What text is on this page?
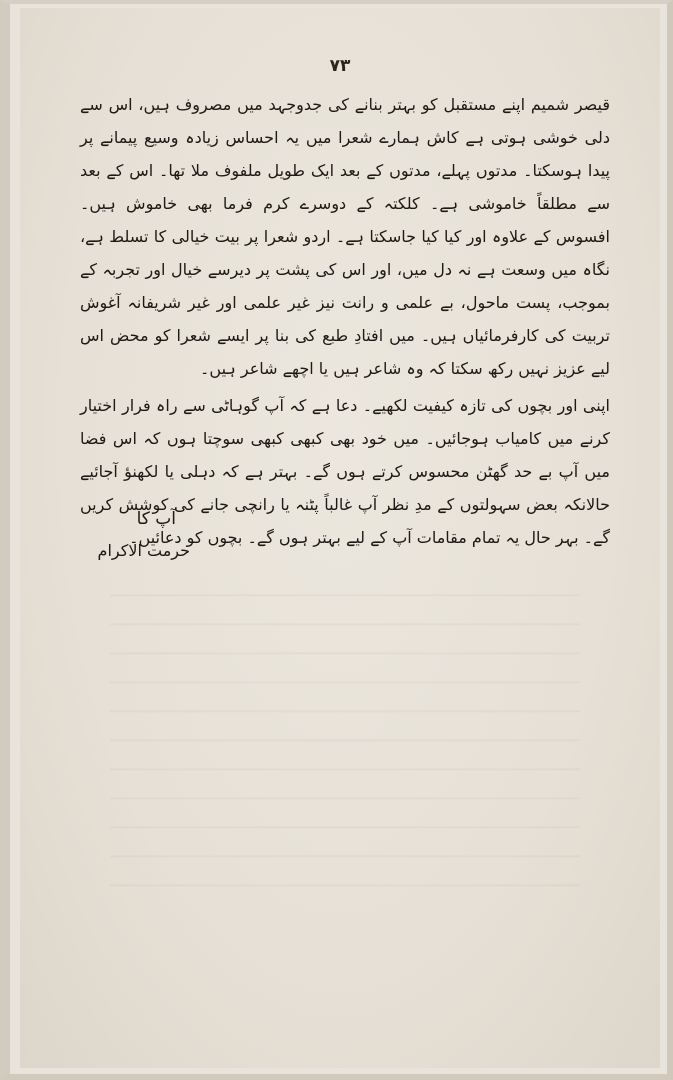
۷۳

قیصر شمیم اپنے مستقبل کو بہتر بنانے کی جدوجہد میں مصروف ہیں، اس سے دلی خوشی ہوتی ہے کاش ہمارے شعرا میں یہ احساس زیادہ وسیع پیمانے پر پیدا ہوسکتا۔ مدتوں پہلے، مدتوں کے بعد ایک طویل ملفوف ملا تھا۔ اس کے بعد سے مطلقاً خاموشی ہے۔ کلکتہ کے دوسرے کرم فرما بھی خاموش ہیں۔ افسوس کے علاوہ اور کیا کیا جاسکتا ہے۔ اردو شعرا پر بیت خیالی کا تسلط ہے، نگاہ میں وسعت ہے نہ دل میں، اور اس کی پشت پر دیرسے خیال اور تجربہ کے بموجب، پست ماحول، بے علمی و رانت نیز غیر علمی اور غیر شریفانہ آغوش تربیت کی کارفرمائیاں ہیں۔ میں افتادِ طبع کی بنا پر ایسے شعرا کو محض اس لیے عزیز نہیں رکھ سکتا کہ وہ شاعر ہیں یا اچھے شاعر ہیں۔

اپنی اور بچوں کی تازہ کیفیت لکھیے۔ دعا ہے کہ آپ گوہاٹی سے راہ فرار اختیار کرنے میں کامیاب ہوجائیں۔ میں خود بھی کبھی کبھی سوچتا ہوں کہ اس فضا میں آپ بے حد گھٹن محسوس کرتے ہوں گے۔ بہتر ہے کہ دہلی یا لکھنؤ آجائیے حالانکہ بعض سہولتوں کے مدِ نظر آپ غالباً پٹنہ یا رانچی جانے کی کوشش کریں گے۔ بہر حال یہ تمام مقامات آپ کے لیے بہتر ہوں گے۔ بچوں کو دعائیں۔

آپ کا
حرمت الاکرام
